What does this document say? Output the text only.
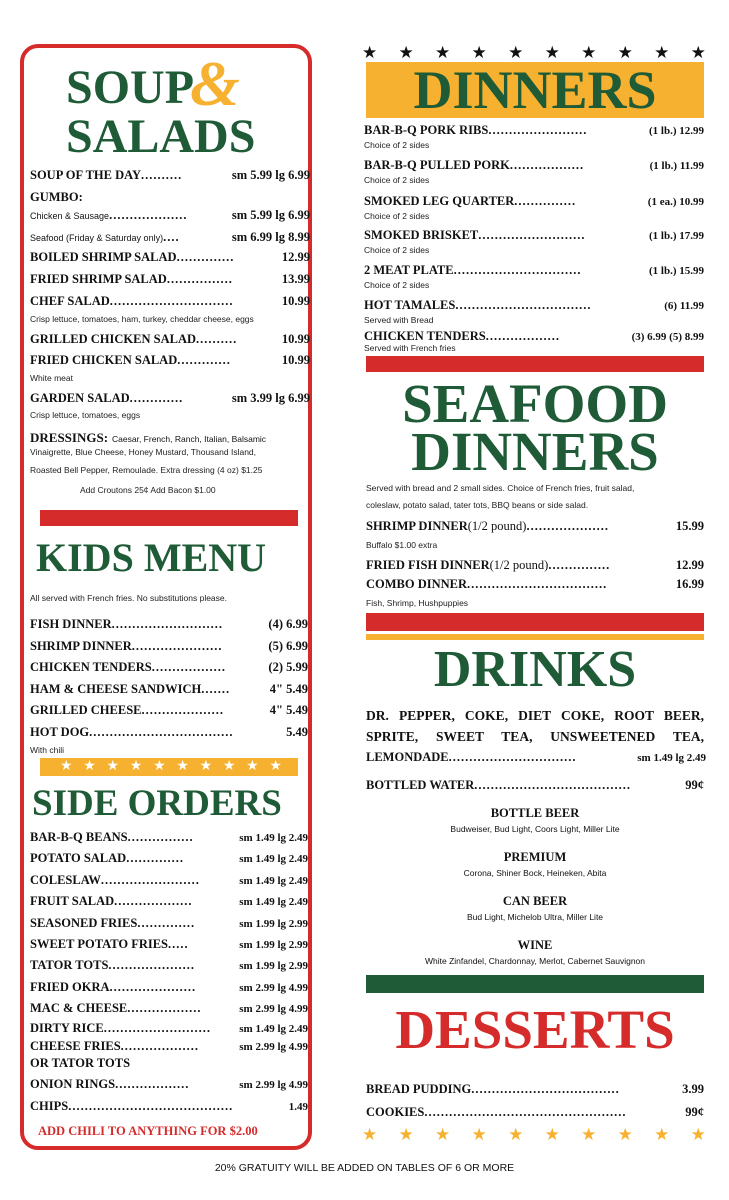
SOUP
&
SALADS
SOUP OF THE DAY ..........	sm 5.99 lg 6.99
GUMBO:
Chicken & Sausage ...................	sm 5.99 lg 6.99
Seafood (Friday & Saturday only) ....	sm 6.99 lg 8.99
BOILED SHRIMP SALAD ..............	12.99
FRIED SHRIMP SALAD ................	13.99
CHEF SALAD ..............................	10.99
GRILLED CHICKEN SALAD ..........	10.99
FRIED CHICKEN SALAD .............	10.99
GARDEN SALAD .............	sm 3.99 lg 6.99
Crisp lettuce, tomatoes, ham, turkey, cheddar cheese, eggs
White meat
Crisp lettuce, tomatoes, eggs
DRESSINGS: Caesar, French, Ranch, Italian, Balsamic
Vinaigrette, Blue Cheese, Honey Mustard, Thousand Island,
Roasted Bell Pepper, Remoulade. Extra dressing (4 oz) $1.25
Add Croutons 25¢ Add Bacon $1.00
KIDS MENU
All served with French fries. No substitutions please.
FISH DINNER ...........................	(4) 6.99
SHRIMP DINNER ......................	(5) 6.99
CHICKEN TENDERS ..................	(2) 5.99
HAM & CHEESE SANDWICH .......	4" 5.49
GRILLED CHEESE ....................	4" 5.49
HOT DOG ...................................	5.49
With chili
★ ★ ★ ★ ★ ★ ★ ★ ★ ★
SIDE ORDERS
BAR-B-Q BEANS ................	sm 1.49 lg 2.49
POTATO SALAD ..............	sm 1.49 lg 2.49
COLESLAW ........................	sm 1.49 lg 2.49
FRUIT SALAD ...................	sm 1.49 lg 2.49
SEASONED FRIES ..............	sm 1.99 lg 2.99
SWEET POTATO FRIES .....	sm 1.99 lg 2.99
TATOR TOTS .....................	sm 1.99 lg 2.99
FRIED OKRA .....................	sm 2.99 lg 4.99
MAC & CHEESE ..................	sm 2.99 lg 4.99
DIRTY RICE ..........................	sm 1.49 lg 2.49
CHEESE FRIES ...................	sm 2.99 lg 4.99
OR TATOR TOTS
ONION RINGS ..................	sm 2.99 lg 4.99
CHIPS ........................................	1.49
ADD CHILI TO ANYTHING FOR $2.00
★ ★ ★ ★ ★ ★ ★ ★ ★ ★
DINNERS
BAR-B-Q PORK RIBS ........................	(1 lb.) 12.99
Choice of 2 sides
BAR-B-Q PULLED PORK ..................	(1 lb.) 11.99
Choice of 2 sides
SMOKED LEG QUARTER ...............	(1 ea.) 10.99
Choice of 2 sides
SMOKED BRISKET ..........................	(1 lb.) 17.99
Choice of 2 sides
2 MEAT PLATE ...............................	(1 lb.) 15.99
Choice of 2 sides
HOT TAMALES .................................	(6) 11.99
Served with Bread
CHICKEN TENDERS ..................	(3) 6.99 (5) 8.99
Served with French fries
SEAFOOD
DINNERS
Served with bread and 2 small sides. Choice of French fries, fruit salad,
coleslaw, potato salad, tater tots, BBQ beans or side salad.
SHRIMP DINNER (1/2 pound) ....................	15.99
FRIED FISH DINNER (1/2 pound) ...............	12.99
COMBO DINNER ..................................	16.99
Buffalo $1.00 extra
Fish, Shrimp, Hushpuppies
DRINKS
DR. PEPPER, COKE, DIET COKE, ROOT BEER,
SPRITE, SWEET TEA, UNSWEETENED TEA,
LEMONDADE ...............................	sm 1.49 lg 2.49
BOTTLED WATER ......................................	99¢
BOTTLE BEER
Budweiser, Bud Light, Coors Light, Miller Lite
PREMIUM
Corona, Shiner Bock, Heineken, Abita
CAN BEER
Bud Light, Michelob Ultra, Miller Lite
WINE
White Zinfandel, Chardonnay, Merlot, Cabernet Sauvignon
DESSERTS
BREAD PUDDING ....................................	3.99
COOKIES .................................................	99¢
★ ★ ★ ★ ★ ★ ★ ★ ★ ★
20% GRATUITY WILL BE ADDED ON TABLES OF 6 OR MORE
